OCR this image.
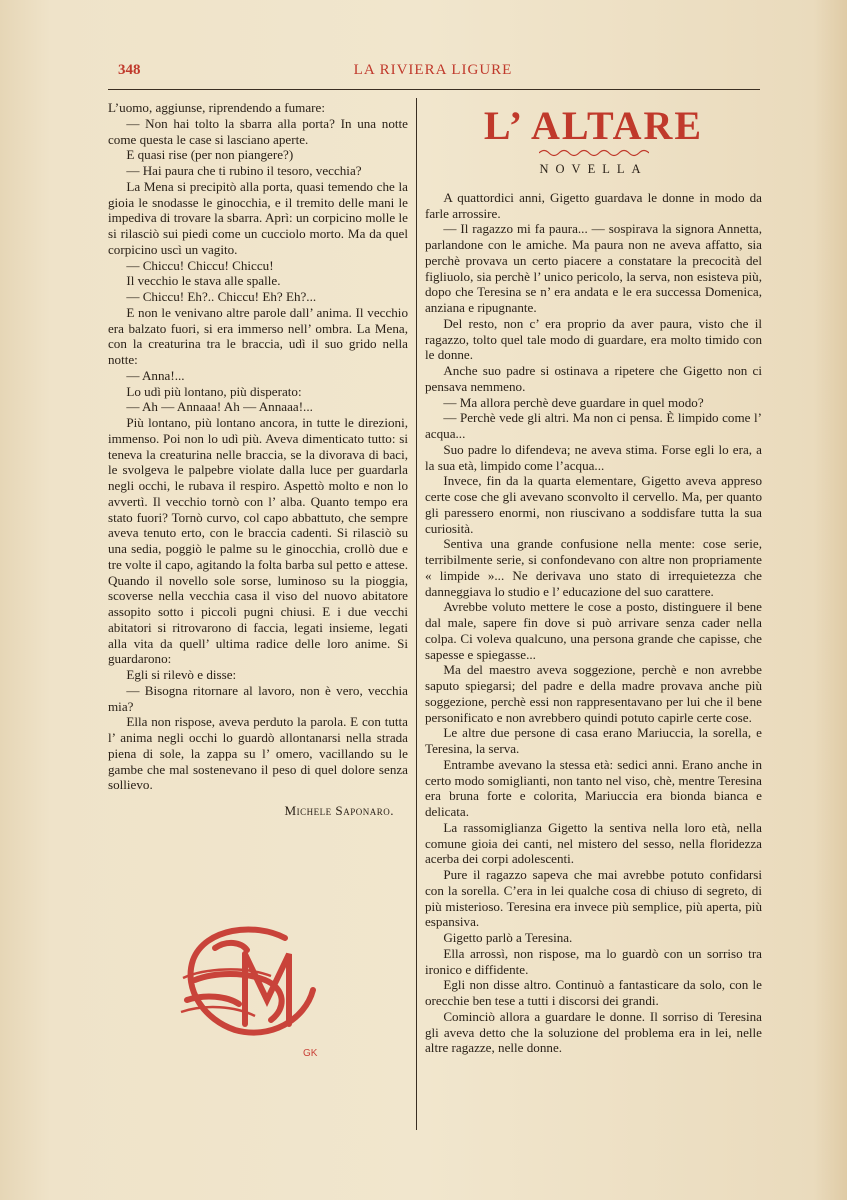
348	LA RIVIERA LIGURE

L’uomo, aggiunse, riprendendo a fumare:

— Non hai tolto la sbarra alla porta? In una notte come questa le case si lasciano aperte.

E quasi rise (per non piangere?)

— Hai paura che ti rubino il tesoro, vecchia?

La Mena si precipitò alla porta, quasi temendo che la gioia le snodasse le ginocchia, e il tremito delle mani le impediva di trovare la sbarra. Aprì: un corpicino molle le si rilasciò sui piedi come un cucciolo morto. Ma da quel corpicino uscì un vagito.

— Chiccu! Chiccu! Chiccu!

Il vecchio le stava alle spalle.

— Chiccu! Eh?.. Chiccu! Eh? Eh?...

E non le venivano altre parole dall’ anima. Il vecchio era balzato fuori, si era immerso nell’ ombra. La Mena, con la creaturina tra le braccia, udì il suo grido nella notte:

— Anna!...

Lo udì più lontano, più disperato:

— Ah — Annaaa! Ah — Annaaa!...

Più lontano, più lontano ancora, in tutte le direzioni, immenso. Poi non lo udì più. Aveva dimenticato tutto: si teneva la creaturina nelle braccia, se la divorava di baci, le svolgeva le palpebre violate dalla luce per guardarla negli occhi, le rubava il respiro. Aspettò molto e non lo avvertì. Il vecchio tornò con l’ alba. Quanto tempo era stato fuori? Tornò curvo, col capo abbattuto, che sempre aveva tenuto erto, con le braccia cadenti. Si rilasciò su una sedia, poggiò le palme su le ginocchia, crollò due e tre volte il capo, agitando la folta barba sul petto e attese. Quando il novello sole sorse, luminoso su la pioggia, scoverse nella vecchia casa il viso del nuovo abitatore assopito sotto i piccoli pugni chiusi. E i due vecchi abitatori si ritrovarono di faccia, legati insieme, legati alla vita da quell’ ultima radice delle loro anime. Si guardarono:

Egli si rilevò e disse:

— Bisogna ritornare al lavoro, non è vero, vecchia mia?

Ella non rispose, aveva perduto la parola. E con tutta l’ anima negli occhi lo guardò allontanarsi nella strada piena di sole, la zappa su l’ omero, vacillando su le gambe che mal sostenevano il peso di quel dolore senza sollievo.

Michele Saponaro.

GK
L’ ALTARE
NOVELLA

A quattordici anni, Gigetto guardava le donne in modo da farle arrossire.

— Il ragazzo mi fa paura... — sospirava la signora Annetta, parlandone con le amiche. Ma paura non ne aveva affatto, sia perchè provava un certo piacere a constatare la precocità del figliuolo, sia perchè l’ unico pericolo, la serva, non esisteva più, dopo che Teresina se n’ era andata e le era successa Domenica, anziana e ripugnante.

Del resto, non c’ era proprio da aver paura, visto che il ragazzo, tolto quel tale modo di guardare, era molto timido con le donne.

Anche suo padre si ostinava a ripetere che Gigetto non ci pensava nemmeno.

— Ma allora perchè deve guardare in quel modo?

— Perchè vede gli altri. Ma non ci pensa. È limpido come l’ acqua...

Suo padre lo difendeva; ne aveva stima. Forse egli lo era, a la sua età, limpido come l’acqua...

Invece, fin da la quarta elementare, Gigetto aveva appreso certe cose che gli avevano sconvolto il cervello. Ma, per quanto gli paressero enormi, non riuscivano a soddisfare tutta la sua curiosità.

Sentiva una grande confusione nella mente: cose serie, terribilmente serie, si confondevano con altre non propriamente « limpide »... Ne derivava uno stato di irrequietezza che danneggiava lo studio e l’ educazione del suo carattere.

Avrebbe voluto mettere le cose a posto, distinguere il bene dal male, sapere fin dove si può arrivare senza cader nella colpa. Ci voleva qualcuno, una persona grande che capisse, che sapesse e spiegasse...

Ma del maestro aveva soggezione, perchè e non avrebbe saputo spiegarsi; del padre e della madre provava anche più soggezione, perchè essi non rappresentavano per lui che il bene personificato e non avrebbero quindi potuto capirle certe cose.

Le altre due persone di casa erano Mariuccia, la sorella, e Teresina, la serva.

Entrambe avevano la stessa età: sedici anni. Erano anche in certo modo somiglianti, non tanto nel viso, chè, mentre Teresina era bruna forte e colorita, Mariuccia era bionda bianca e delicata.

La rassomiglianza Gigetto la sentiva nella loro età, nella comune gioia dei canti, nel mistero del sesso, nella floridezza acerba dei corpi adolescenti.

Pure il ragazzo sapeva che mai avrebbe potuto confidarsi con la sorella. C’era in lei qualche cosa di chiuso di segreto, di più misterioso. Teresina era invece più semplice, più aperta, più espansiva.

Gigetto parlò a Teresina.

Ella arrossì, non rispose, ma lo guardò con un sorriso tra ironico e diffidente.

Egli non disse altro. Continuò a fantasticare da solo, con le orecchie ben tese a tutti i discorsi dei grandi.

Cominciò allora a guardare le donne. Il sorriso di Teresina gli aveva detto che la soluzione del problema era in lei, nelle altre ragazze, nelle donne.
